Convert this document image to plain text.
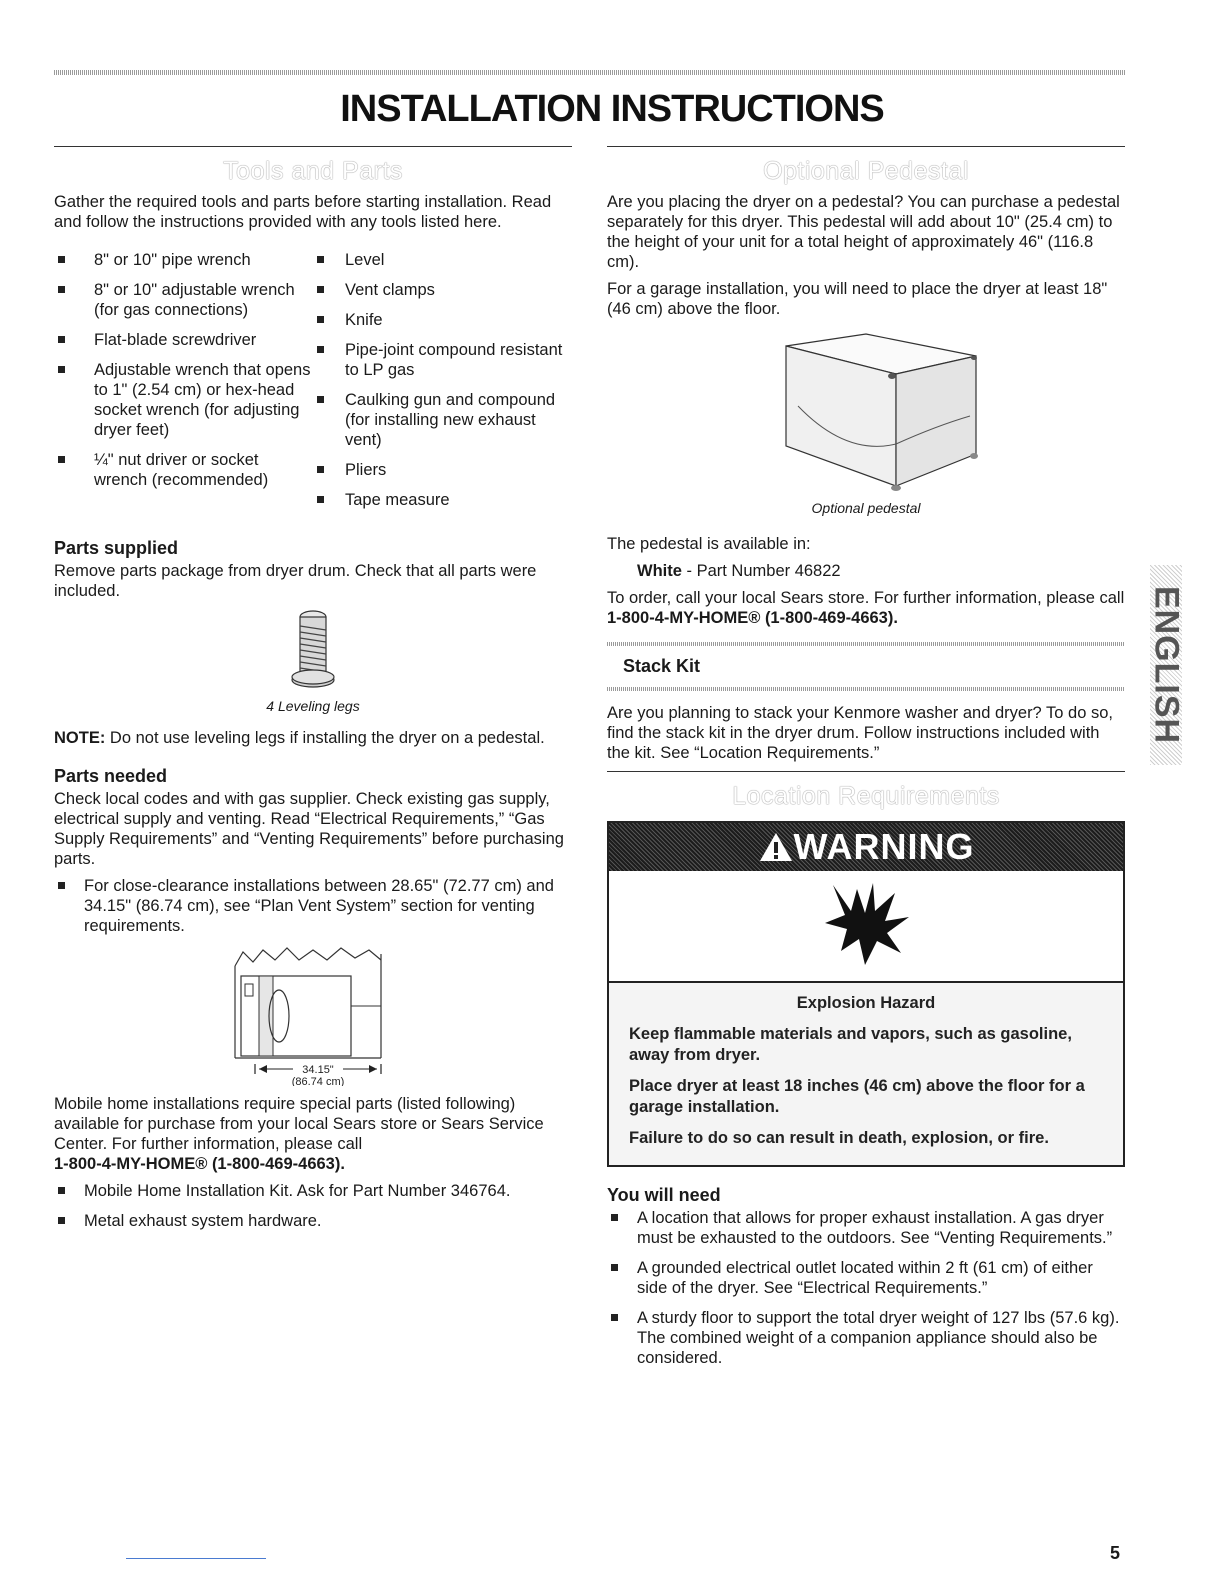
INSTALLATION INSTRUCTIONS
Tools and Parts

Gather the required tools and parts before starting installation. Read and follow the instructions provided with any tools listed here.

8" or 10" pipe wrench
8" or 10" adjustable wrench (for gas connections)
Flat-blade screwdriver
Adjustable wrench that opens to 1" (2.54 cm) or hex-head socket wrench (for adjusting dryer feet)
¼" nut driver or socket wrench (recommended)
Level
Vent clamps
Knife
Pipe-joint compound resistant to LP gas
Caulking gun and compound (for installing new exhaust vent)
Pliers
Tape measure
Parts supplied

Remove parts package from dryer drum. Check that all parts were included.

4 Leveling legs

NOTE: Do not use leveling legs if installing the dryer on a pedestal.

Parts needed

Check local codes and with gas supplier. Check existing gas supply, electrical supply and venting. Read “Electrical Requirements,” “Gas Supply Requirements” and “Venting Requirements” before purchasing parts.

For close-clearance installations between 28.65" (72.77 cm) and 34.15" (86.74 cm), see “Plan Vent System” section for venting requirements.
34.15"
(86.74 cm)

Mobile home installations require special parts (listed following) available for purchase from your local Sears store or Sears Service Center. For further information, please call
1-800-4-MY-HOME® (1-800-469-4663).

Mobile Home Installation Kit. Ask for Part Number 346764.
Metal exhaust system hardware.
Optional Pedestal

Are you placing the dryer on a pedestal? You can purchase a pedestal separately for this dryer. This pedestal will add about 10" (25.4 cm) to the height of your unit for a total height of approximately 46" (116.8 cm).

For a garage installation, you will need to place the dryer at least 18" (46 cm) above the floor.

Optional pedestal

The pedestal is available in:

White - Part Number 46822

To order, call your local Sears store. For further information, please call 1-800-4-MY-HOME® (1-800-469-4663).

Stack Kit

Are you planning to stack your Kenmore washer and dryer? To do so, find the stack kit in the dryer drum. Follow instructions included with the kit. See “Location Requirements.”

Location Requirements
WARNING

Explosion Hazard

Keep flammable materials and vapors, such as gasoline, away from dryer.

Place dryer at least 18 inches (46 cm) above the floor for a garage installation.

Failure to do so can result in death, explosion, or fire.

You will need
A location that allows for proper exhaust installation. A gas dryer must be exhausted to the outdoors. See “Venting Requirements.”
A grounded electrical outlet located within 2 ft (61 cm) of either side of the dryer. See “Electrical Requirements.”
A sturdy floor to support the total dryer weight of 127 lbs (57.6 kg). The combined weight of a companion appliance should also be considered.
ENGLISH
5
